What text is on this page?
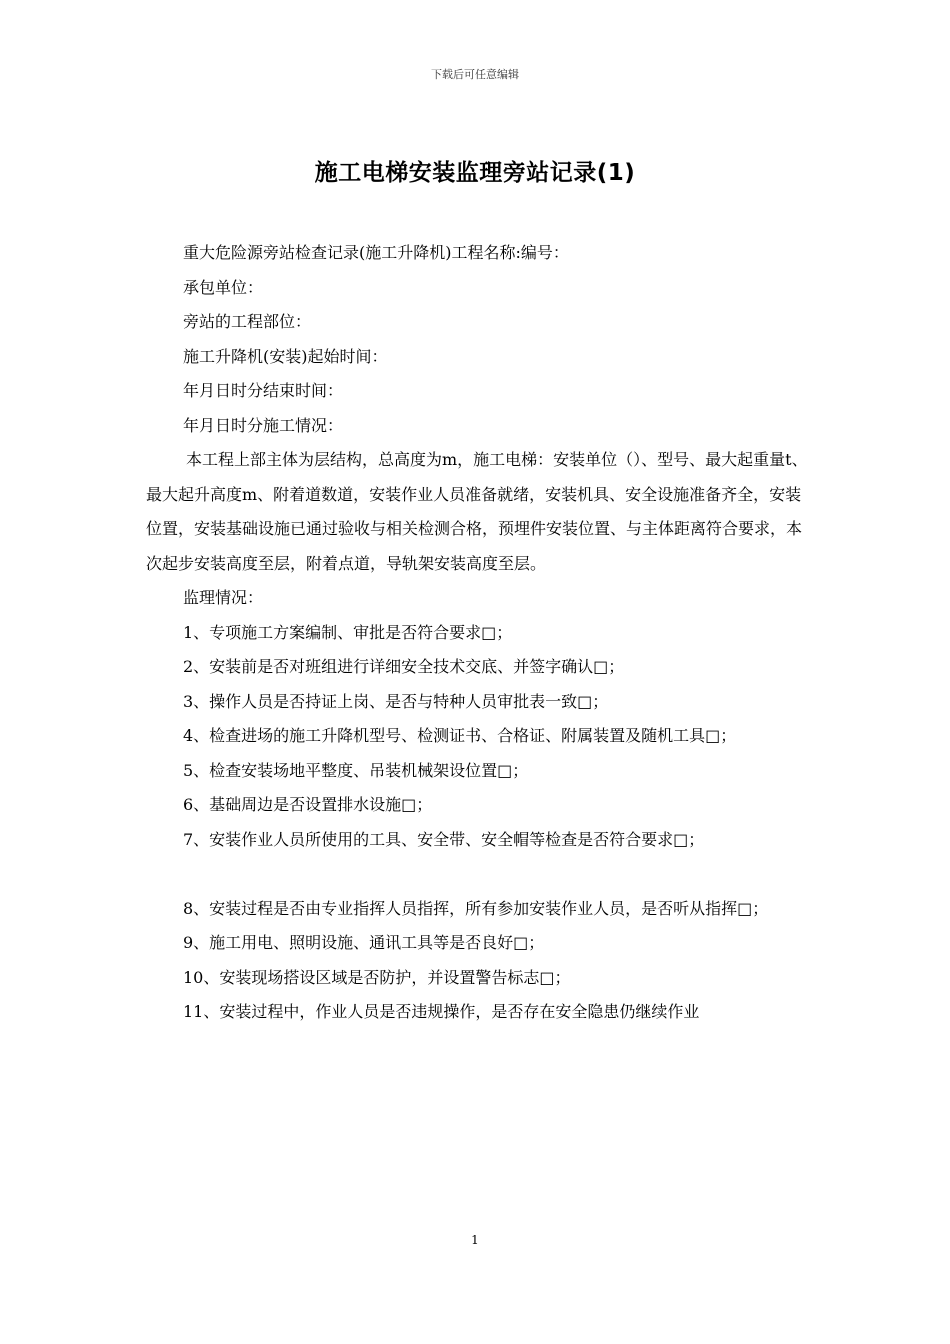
下载后可任意编辑
施工电梯安装监理旁站记录(1)

重大危险源旁站检查记录(施工升降机)工程名称:编号：

承包单位：

旁站的工程部位：

施工升降机(安装)起始时间：

年月日时分结束时间：

年月日时分施工情况：

本工程上部主体为层结构，总高度为m，施工电梯：安装单位（）、型号、最大起重量t、最大起升高度m、附着道数道，安装作业人员准备就绪，安装机具、安全设施准备齐全，安装位置，安装基础设施已通过验收与相关检测合格，预埋件安装位置、与主体距离符合要求，本次起步安装高度至层，附着点道，导轨架安装高度至层。

监理情况：

1、专项施工方案编制、审批是否符合要求□；

2、安装前是否对班组进行详细安全技术交底、并签字确认□；

3、操作人员是否持证上岗、是否与特种人员审批表一致□；

4、检查进场的施工升降机型号、检测证书、合格证、附属装置及随机工具□；

5、检查安装场地平整度、吊装机械架设位置□；

6、基础周边是否设置排水设施□；

7、安装作业人员所使用的工具、安全带、安全帽等检查是否符合要求□；

8、安装过程是否由专业指挥人员指挥，所有参加安装作业人员，是否听从指挥□；

9、施工用电、照明设施、通讯工具等是否良好□；

10、安装现场搭设区域是否防护，并设置警告标志□；

11、安装过程中，作业人员是否违规操作，是否存在安全隐患仍继续作业

1
